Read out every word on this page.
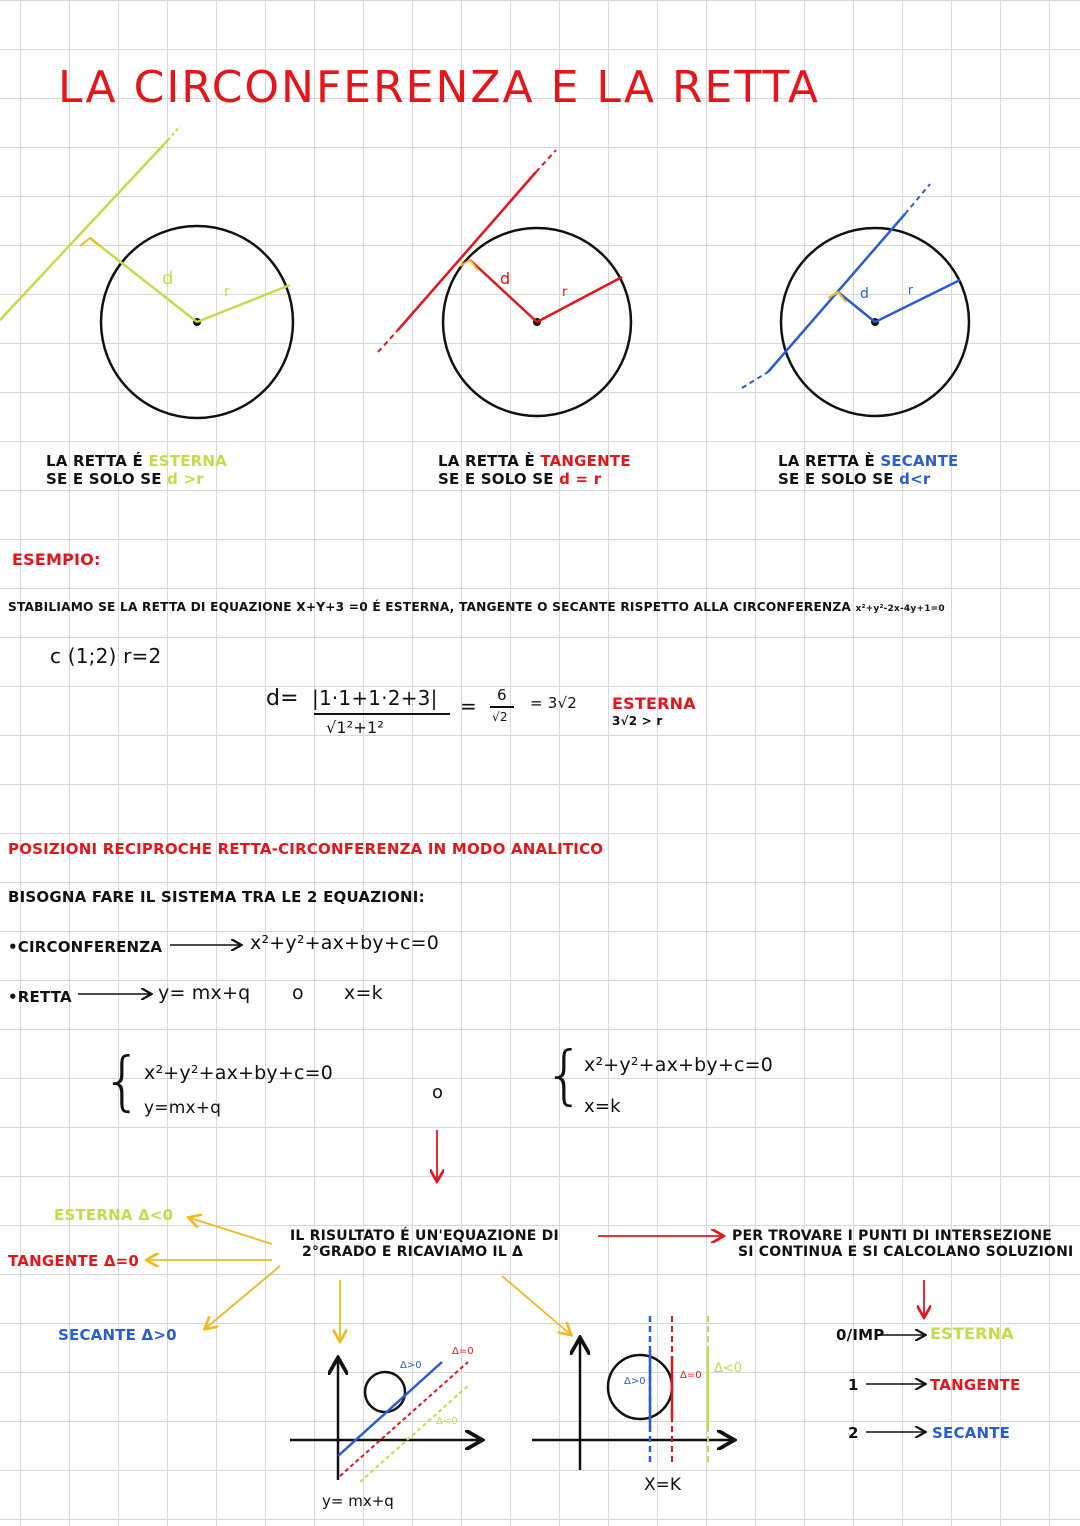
LA CIRCONFERENZA E LA RETTA
d
r
d
r	d	r
LA RETTA É ESTERNA
SE E SOLO SE d >r
LA RETTA È TANGENTE
SE E SOLO SE d = r
LA RETTA È SECANTE
SE E SOLO SE d<r
ESEMPIO:
STABILIAMO SE LA RETTA DI EQUAZIONE X+Y+3 =0 É ESTERNA, TANGENTE O SECANTE RISPETTO ALLA CIRCONFERENZA x²+y²-2x-4y+1=0
c (1;2) r=2
d= |1·1+1·2+3|
√1²+1²
= 6
√2
= 3√2 ESTERNA
3√2 > r
POSIZIONI RECIPROCHE RETTA-CIRCONFERENZA IN MODO ANALITICO
BISOGNA FARE IL SISTEMA TRA LE 2 EQUAZIONI:
•CIRCONFERENZA	x²+y²+ax+by+c=0
•RETTA	y= mx+q o x=k
{ x²+y²+ax+by+c=0
y=mx+q
o { x²+y²+ax+by+c=0
x=k
IL RISULTATO É UN'EQUAZIONE DI
2°GRADO E RICAVIAMO IL Δ
PER TROVARE I PUNTI DI INTERSEZIONE
SI CONTINUA E SI CALCOLANO SOLUZIONI
ESTERNA Δ<0
TANGENTE Δ=0
SECANTE Δ>0	0/IMP	ESTERNA
1	TANGENTE
2	SECANTE
Δ>0
Δ=0
Δ<0
y= mx+q
Δ>0
Δ=0 Δ<0
X=K
